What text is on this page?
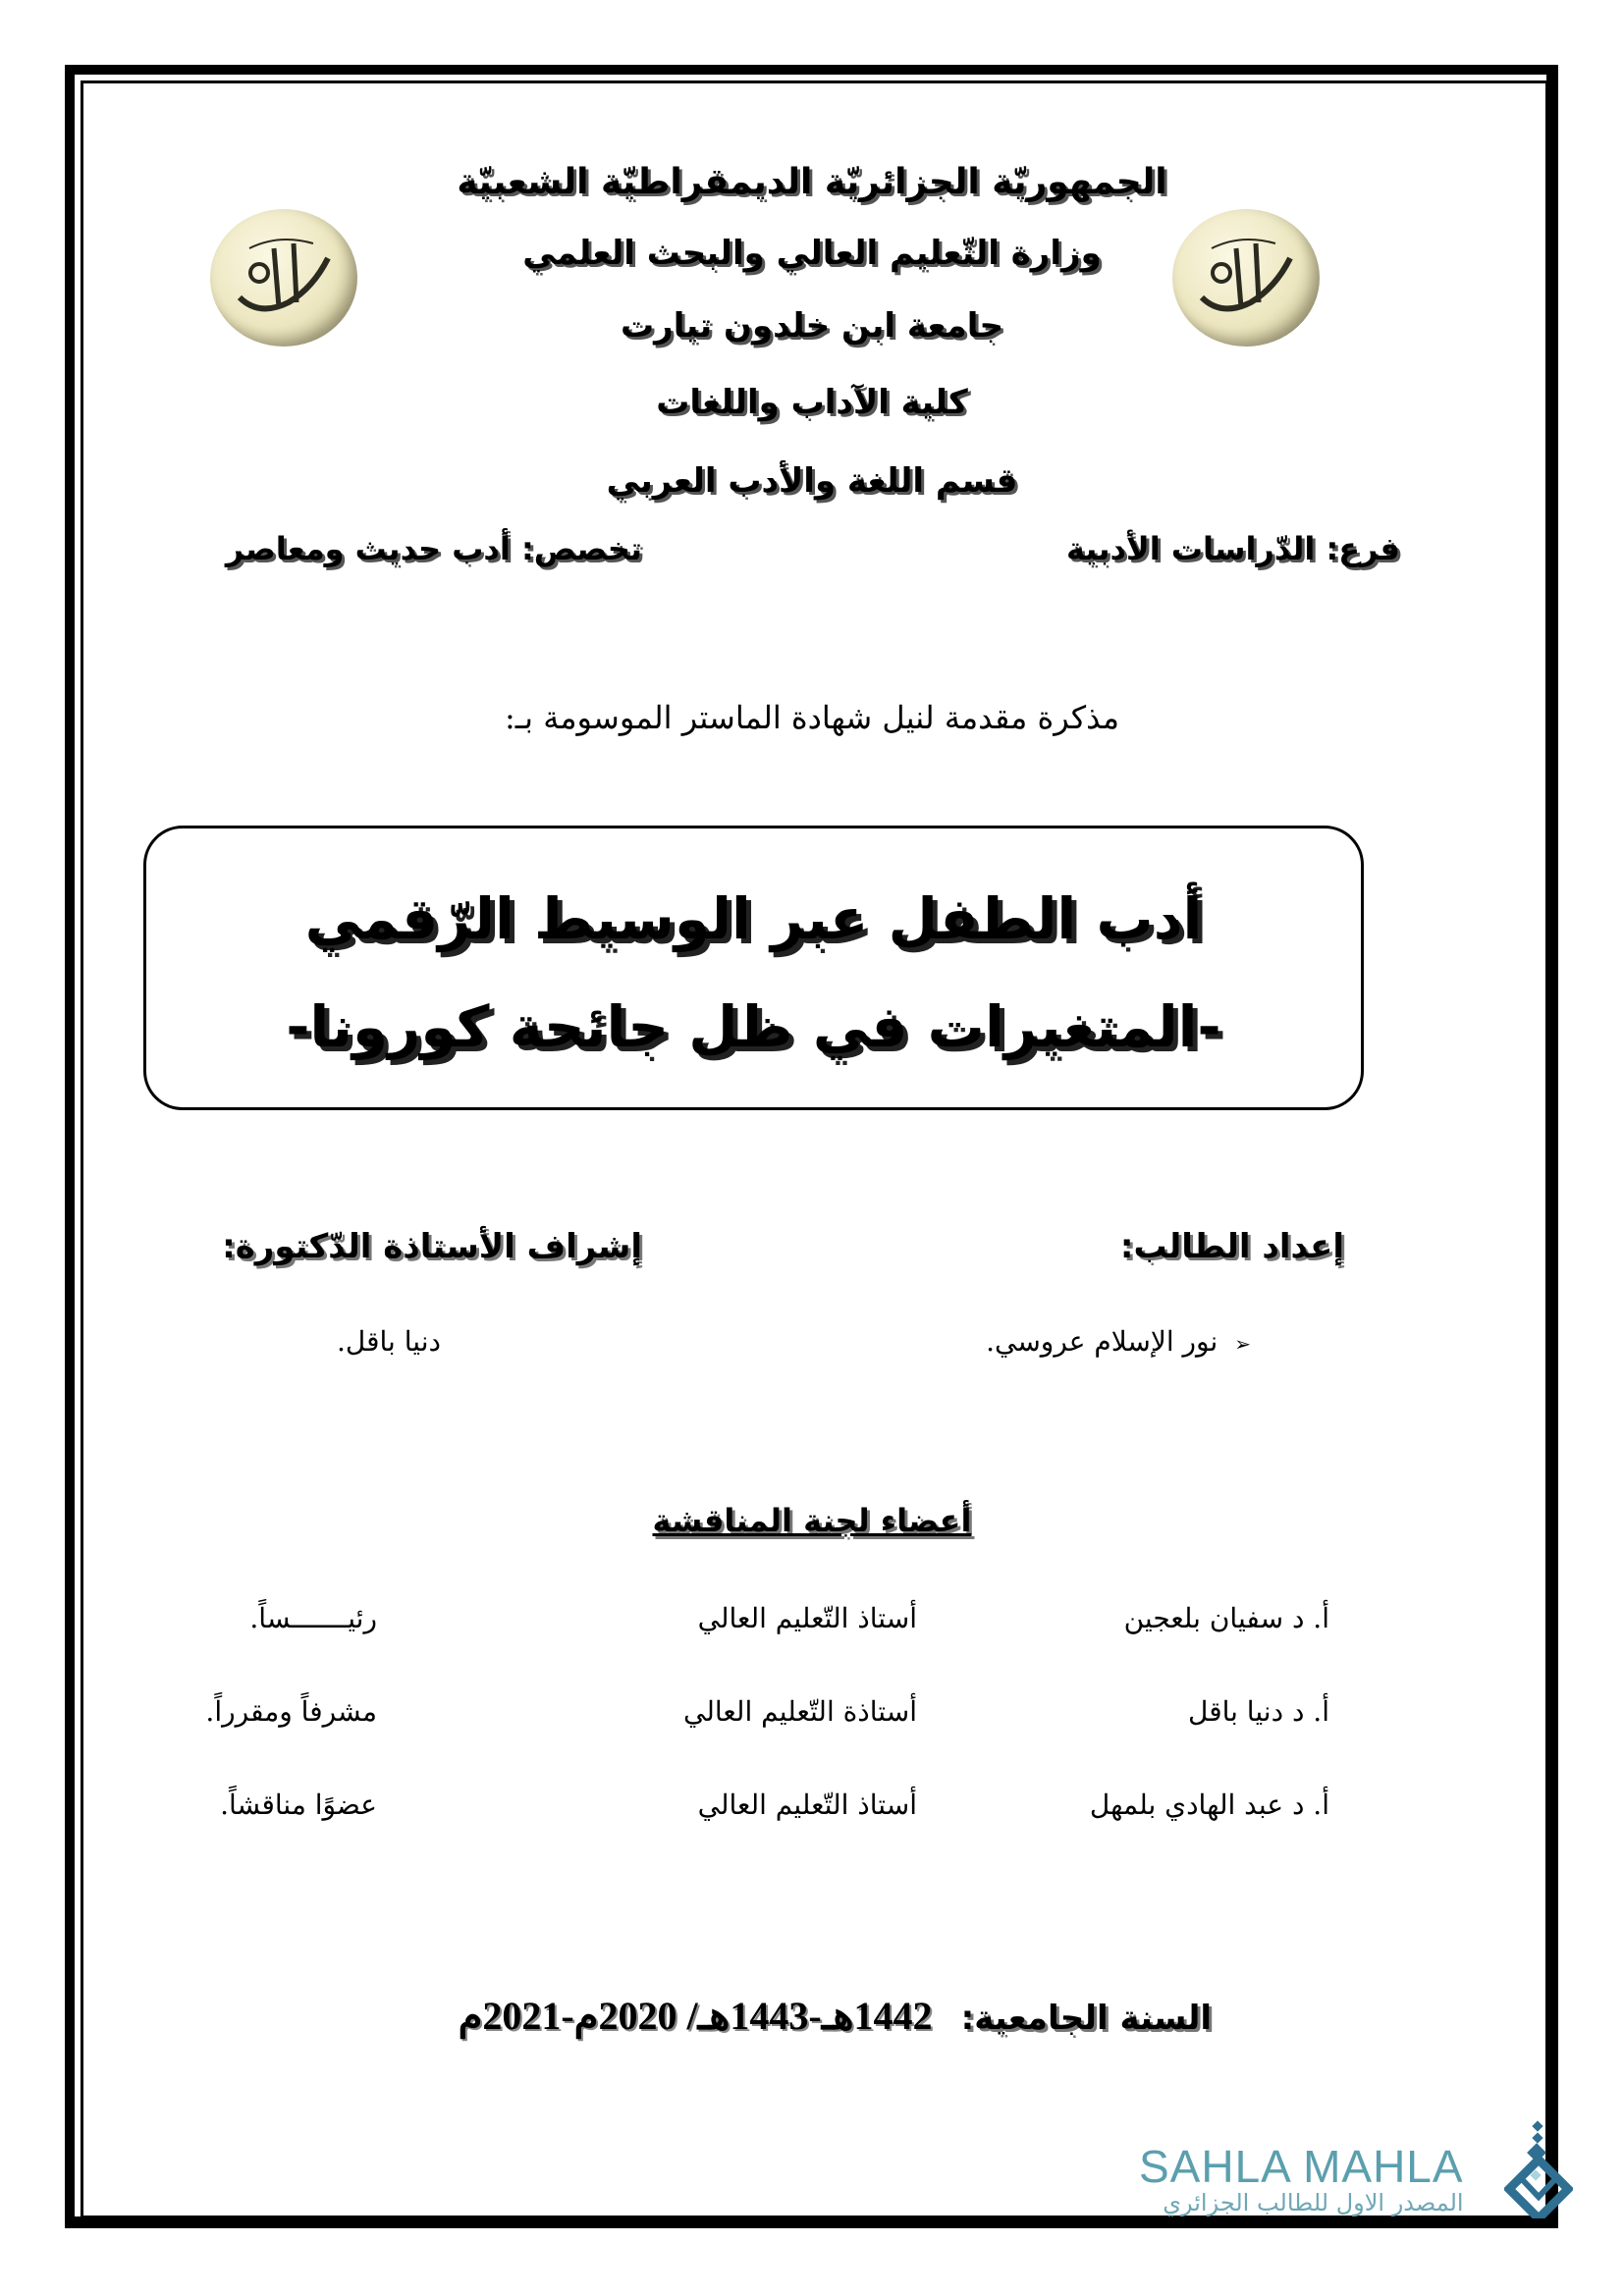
الجمهوريّة الجزائريّة الديمقراطيّة الشعبيّة
وزارة التّعليم العالي والبحث العلمي
جامعة ابن خلدون تيارت
كلية الآداب واللغات
قسم اللغة والأدب العربي
فرع: الدّراسات الأدبية
تخصص: أدب حديث ومعاصر
مذكرة مقدمة لنيل شهادة الماستر الموسومة بـ:
أدب الطفل عبر الوسيط الرّقمي
-المتغيرات في ظل جائحة كورونا-
إعداد الطالب:
إشراف الأستاذة الدّكتورة:
➢ نور الإسلام عروسي.
دنيا باقل.
أعضاء لجنة المناقشة
أ. د سفيان بلعجين
أستاذ التّعليم العالي
رئيـــــــساً.
أ. د دنيا باقل
أستاذة التّعليم العالي
مشرفاً ومقرراً.
أ. د عبد الهادي بلمهل
أستاذ التّعليم العالي
عضوًا مناقشاً.
السنة الجامعية: 1442هـ-1443هـ/ 2020م-2021م
SAHLA MAHLA
المصدر الاول للطالب الجزائري
